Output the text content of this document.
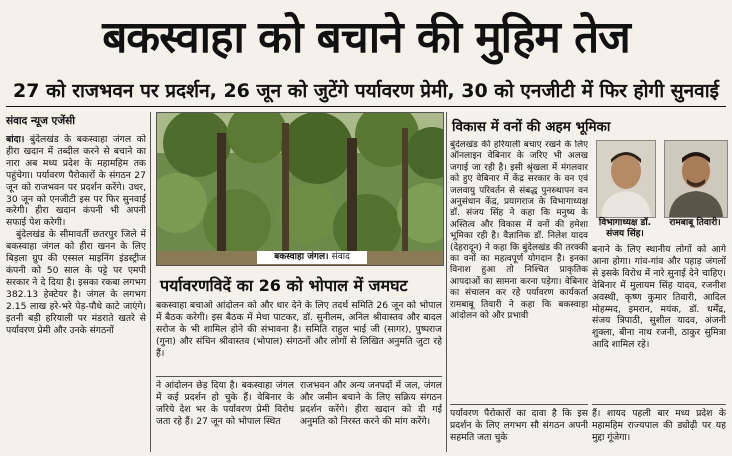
बकस्वाहा को बचाने की मुहिम तेज
27 को राजभवन पर प्रदर्शन, 26 जून को जुटेंगे पर्यावरण प्रेमी, 30 को एनजीटी में फिर होगी सुनवाई
संवाद न्यूज एजेंसी

बांदा। बुंदेलखंड के बकस्वाहा जंगल को हीरा खदान में तब्दील करने से बचाने का नारा अब मध्य प्रदेश के महामहिम तक पहुंचेगा। पर्यावरण पैरोकारों के संगठन 27 जून को राजभवन पर प्रदर्शन करेंगे। उधर, 30 जून को एनजीटी इस पर फिर सुनवाई करेगी। हीरा खदान कंपनी भी अपनी सफाई पेश करेगी।

बुंदेलखंड के सीमावर्ती छतरपुर जिले में बकस्वाहा जंगल को हीरा खनन के लिए बिड़ला ग्रुप की एस्सल माइनिंग इंडस्ट्रीज कंपनी को 50 साल के पट्टे पर एमपी सरकार ने दे दिया है। इसका रकबा लगभग 382.13 हेक्टेयर है। जंगल के लगभग 2.15 लाख हरे-भरे पेड़-पौधे काटे जाएंगे। इतनी बड़ी हरियाली पर मंडराते खतरे से पर्यावरण प्रेमी और उनके संगठनों

बकस्वाहा जंगल। संवाद
पर्यावरणविदें का 26 को भोपाल में जमघट
बकस्वाहा बचाओ आंदोलन को और धार देने के लिए तदर्थ समिति 26 जून को भोपाल में बैठक करेगी। इस बैठक में मेधा पाटकर, डॉ. सुनीलम, अनिल श्रीवास्तव और बादल सरोज के भी शामिल होने की संभावना है। समिति राहुल भाई जी (सागर), पुष्पराज (गुना) और संचिन श्रीवास्तव (भोपाल) संगठनों और लोगों से लिखित अनुमति जुटा रहे हैं।
ने आंदोलन छेड़ दिया है। बकस्वाहा जंगल में कई प्रदर्शन हो चुके हैं। वेबिनार के जरिये देश भर के पर्यावरण प्रेमी विरोध जता रहे हैं। 27 जून को भोपाल स्थित
राजभवन और अन्य जनपदों में जल, जंगल और जमीन बचाने के लिए सक्रिय संगठन प्रदर्शन करेंगे। हीरा खदान को दी गई अनुमति को निरस्त करने की मांग करेंगे।
विकास में वनों की अहम भूमिका
बुंदेलखंड की हरियाली बचाए रखने के लिए ऑनलाइन वेबिनार के जरिए भी अलख जगाई जा रही है। इसी श्रृंखला में मंगलवार को हुए वेबिनार में केंद्र सरकार के वन एवं जलवायु परिवर्तन से संबद्ध पुनस्र्थापन वन अनुसंधान केंद्र, प्रयागराज के विभागाध्यक्ष डॉ. संजय सिंह ने कहा कि मनुष्य के अस्तित्व और विकास में वनों की हमेशा भूमिका रही है। वैज्ञानिक डॉ. निलेश यादव (देहरादून) ने कहा कि बुंदेलखंड की तरक्की का वनों का महत्वपूर्ण योगदान है। इनका विनाश हुआ तो निश्चित प्राकृतिक आपदाओं का सामना करना पड़ेगा। वेबिनार का संचालन कर रहे पर्यावरण कार्यकर्ता रामबाबू तिवारी ने कहा कि बकस्वाहा आंदोलन को और प्रभावी
पर्यावरण पैरोकारों का दावा है कि इस प्रदर्शन के लिए लगभग सौ संगठन अपनी सहमति जता चुके
विभागाध्यक्ष डॉ. संजय सिंह।
रामबाबू तिवारी।
बनाने के लिए स्थानीय लोगों को आगे आना होगा। गांव-गांव और पहाड़ जंगलों से इसके विरोध में नारे सुनाई देने चाहिए। वेबिनार में मुलायम सिंह यादव, रजनीश अवस्थी, कृष्ण कुमार तिवारी, आदिल मोहम्मद, इमरान, मयंक, डॉ. धर्मेंद्र, संजय त्रिपाठी, सुशील यादव, अंजनी शुक्ला, बीना नाथ रजनी, ठाकुर सुमित्रा आदि शामिल रहे।
हैं। शायद पहली बार मध्य प्रदेश के महामहिम राज्यपाल की ड्योढ़ी पर यह मुद्दा गूंजेगा।
